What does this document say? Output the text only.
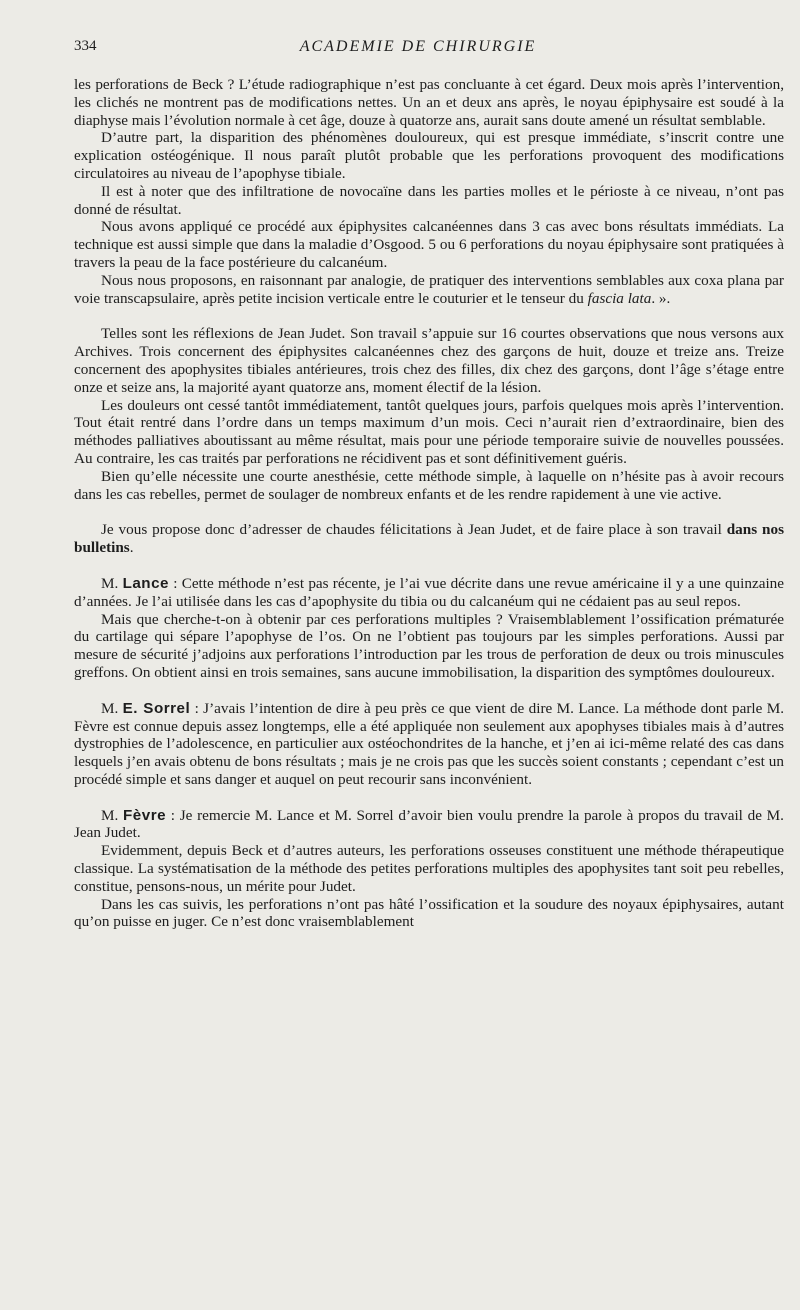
334	ACADEMIE DE CHIRURGIE

les perforations de Beck ? L’étude radiographique n’est pas concluante à cet égard. Deux mois après l’intervention, les clichés ne montrent pas de modifications nettes. Un an et deux ans après, le noyau épiphysaire est soudé à la diaphyse mais l’évolution normale à cet âge, douze à quatorze ans, aurait sans doute amené un résultat semblable.

D’autre part, la disparition des phénomènes douloureux, qui est presque immédiate, s’inscrit contre une explication ostéogénique. Il nous paraît plutôt probable que les perforations provoquent des modifications circulatoires au niveau de l’apophyse tibiale.

Il est à noter que des infiltratione de novocaïne dans les parties molles et le périoste à ce niveau, n’ont pas donné de résultat.

Nous avons appliqué ce procédé aux épiphysites calcanéennes dans 3 cas avec bons résultats immédiats. La technique est aussi simple que dans la maladie d’Osgood. 5 ou 6 perforations du noyau épiphysaire sont pratiquées à travers la peau de la face postérieure du calcanéum.

Nous nous proposons, en raisonnant par analogie, de pratiquer des interventions semblables aux coxa plana par voie transcapsulaire, après petite incision verticale entre le couturier et le tenseur du fascia lata. ».

Telles sont les réflexions de Jean Judet. Son travail s’appuie sur 16 courtes observations que nous versons aux Archives. Trois concernent des épiphysites calcanéennes chez des garçons de huit, douze et treize ans. Treize concernent des apophysites tibiales antérieures, trois chez des filles, dix chez des garçons, dont l’âge s’étage entre onze et seize ans, la majorité ayant quatorze ans, moment électif de la lésion.

Les douleurs ont cessé tantôt immédiatement, tantôt quelques jours, parfois quelques mois après l’intervention. Tout était rentré dans l’ordre dans un temps maximum d’un mois. Ceci n’aurait rien d’extraordinaire, bien des méthodes palliatives aboutissant au même résultat, mais pour une période temporaire suivie de nouvelles poussées. Au contraire, les cas traités par perforations ne récidivent pas et sont définitivement guéris.

Bien qu’elle nécessite une courte anesthésie, cette méthode simple, à laquelle on n’hésite pas à avoir recours dans les cas rebelles, permet de soulager de nombreux enfants et de les rendre rapidement à une vie active.

Je vous propose donc d’adresser de chaudes félicitations à Jean Judet, et de faire place à son travail dans nos bulletins.

M. Lance : Cette méthode n’est pas récente, je l’ai vue décrite dans une revue américaine il y a une quinzaine d’années. Je l’ai utilisée dans les cas d’apophysite du tibia ou du calcanéum qui ne cédaient pas au seul repos.

Mais que cherche-t-on à obtenir par ces perforations multiples ? Vraisemblablement l’ossification prématurée du cartilage qui sépare l’apophyse de l’os. On ne l’obtient pas toujours par les simples perforations. Aussi par mesure de sécurité j’adjoins aux perforations l’introduction par les trous de perforation de deux ou trois minuscules greffons. On obtient ainsi en trois semaines, sans aucune immobilisation, la disparition des symptômes douloureux.

M. E. Sorrel : J’avais l’intention de dire à peu près ce que vient de dire M. Lance. La méthode dont parle M. Fèvre est connue depuis assez longtemps, elle a été appliquée non seulement aux apophyses tibiales mais à d’autres dystrophies de l’adolescence, en particulier aux ostéochondrites de la hanche, et j’en ai ici-même relaté des cas dans lesquels j’en avais obtenu de bons résultats ; mais je ne crois pas que les succès soient constants ; cependant c’est un procédé simple et sans danger et auquel on peut recourir sans inconvénient.

M. Fèvre : Je remercie M. Lance et M. Sorrel d’avoir bien voulu prendre la parole à propos du travail de M. Jean Judet.

Evidemment, depuis Beck et d’autres auteurs, les perforations osseuses constituent une méthode thérapeutique classique. La systématisation de la méthode des petites perforations multiples des apophysites tant soit peu rebelles, constitue, pensons-nous, un mérite pour Judet.

Dans les cas suivis, les perforations n’ont pas hâté l’ossification et la soudure des noyaux épiphysaires, autant qu’on puisse en juger. Ce n’est donc vraisemblablement
